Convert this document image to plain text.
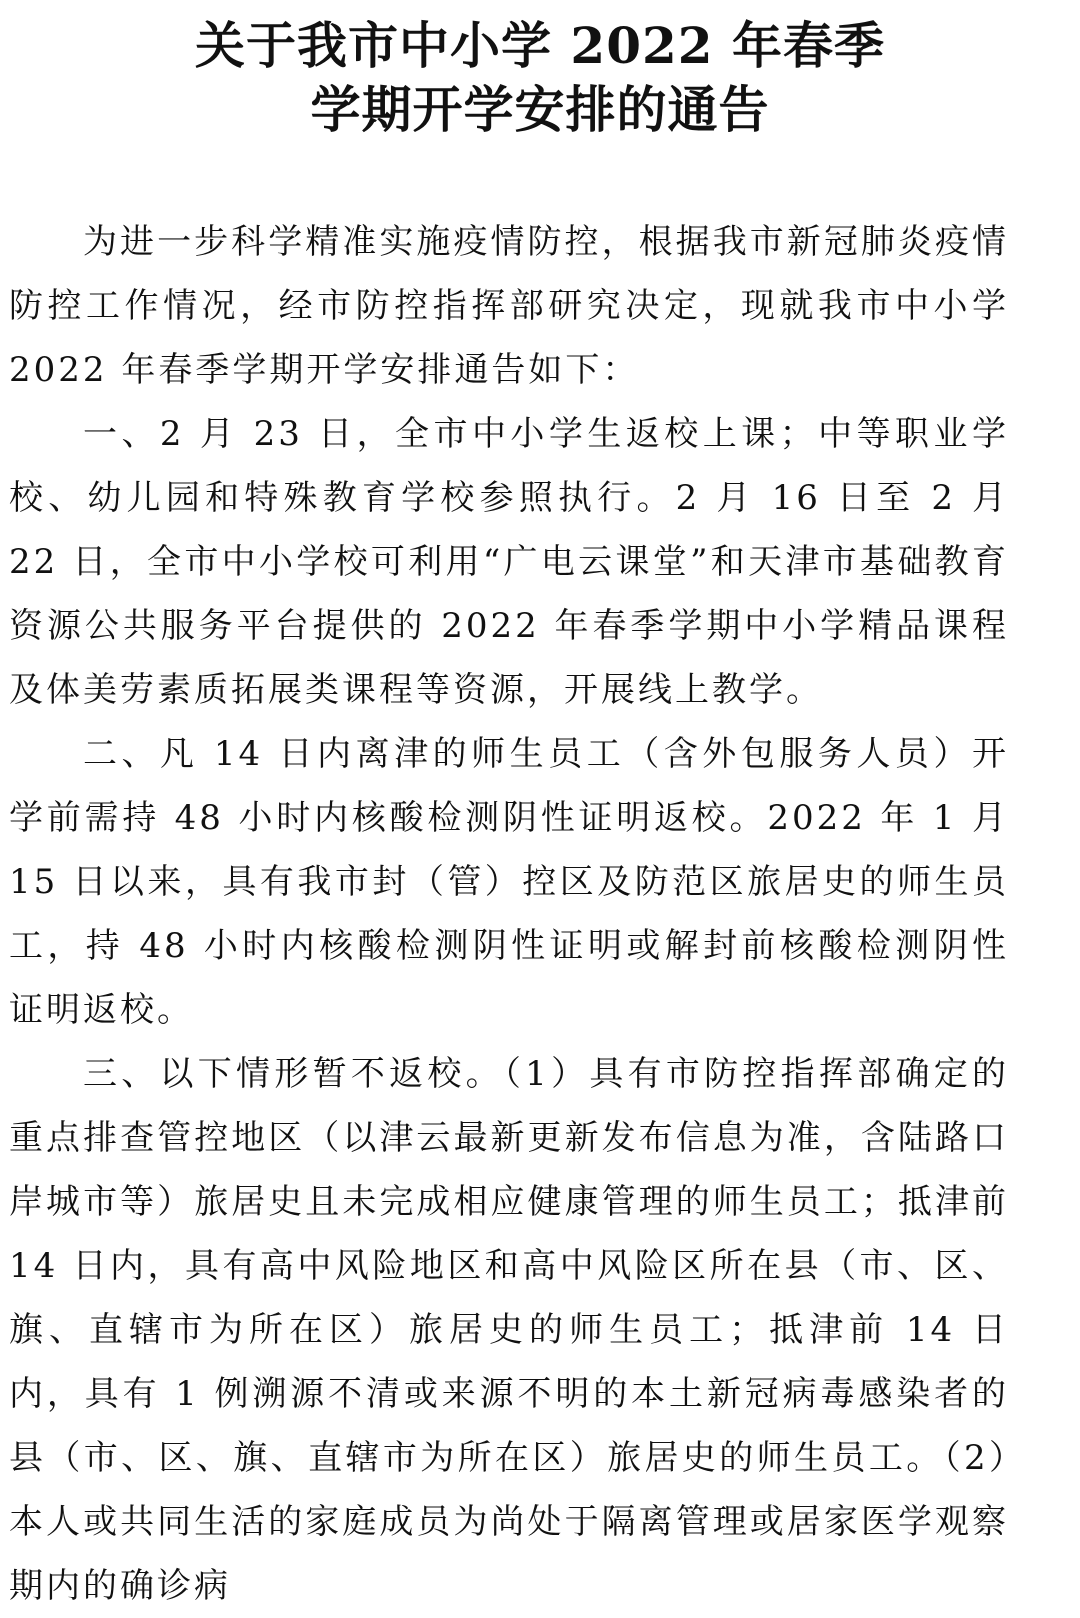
关于我市中小学 2022 年春季
学期开学安排的通告

为进一步科学精准实施疫情防控，根据我市新冠肺炎疫情防控工作情况，经市防控指挥部研究决定，现就我市中小学 2022 年春季学期开学安排通告如下：

一、2 月 23 日，全市中小学生返校上课；中等职业学校、幼儿园和特殊教育学校参照执行。2 月 16 日至 2 月 22 日，全市中小学校可利用“广电云课堂”和天津市基础教育资源公共服务平台提供的 2022 年春季学期中小学精品课程及体美劳素质拓展类课程等资源，开展线上教学。

二、凡 14 日内离津的师生员工（含外包服务人员）开学前需持 48 小时内核酸检测阴性证明返校。2022 年 1 月 15 日以来，具有我市封（管）控区及防范区旅居史的师生员工，持 48 小时内核酸检测阴性证明或解封前核酸检测阴性证明返校。

三、以下情形暂不返校。（1）具有市防控指挥部确定的重点排查管控地区（以津云最新更新发布信息为准，含陆路口岸城市等）旅居史且未完成相应健康管理的师生员工；抵津前 14 日内，具有高中风险地区和高中风险区所在县（市、区、旗、直辖市为所在区）旅居史的师生员工；抵津前 14 日内，具有 1 例溯源不清或来源不明的本土新冠病毒感染者的县（市、区、旗、直辖市为所在区）旅居史的师生员工。（2）本人或共同生活的家庭成员为尚处于隔离管理或居家医学观察期内的确诊病
